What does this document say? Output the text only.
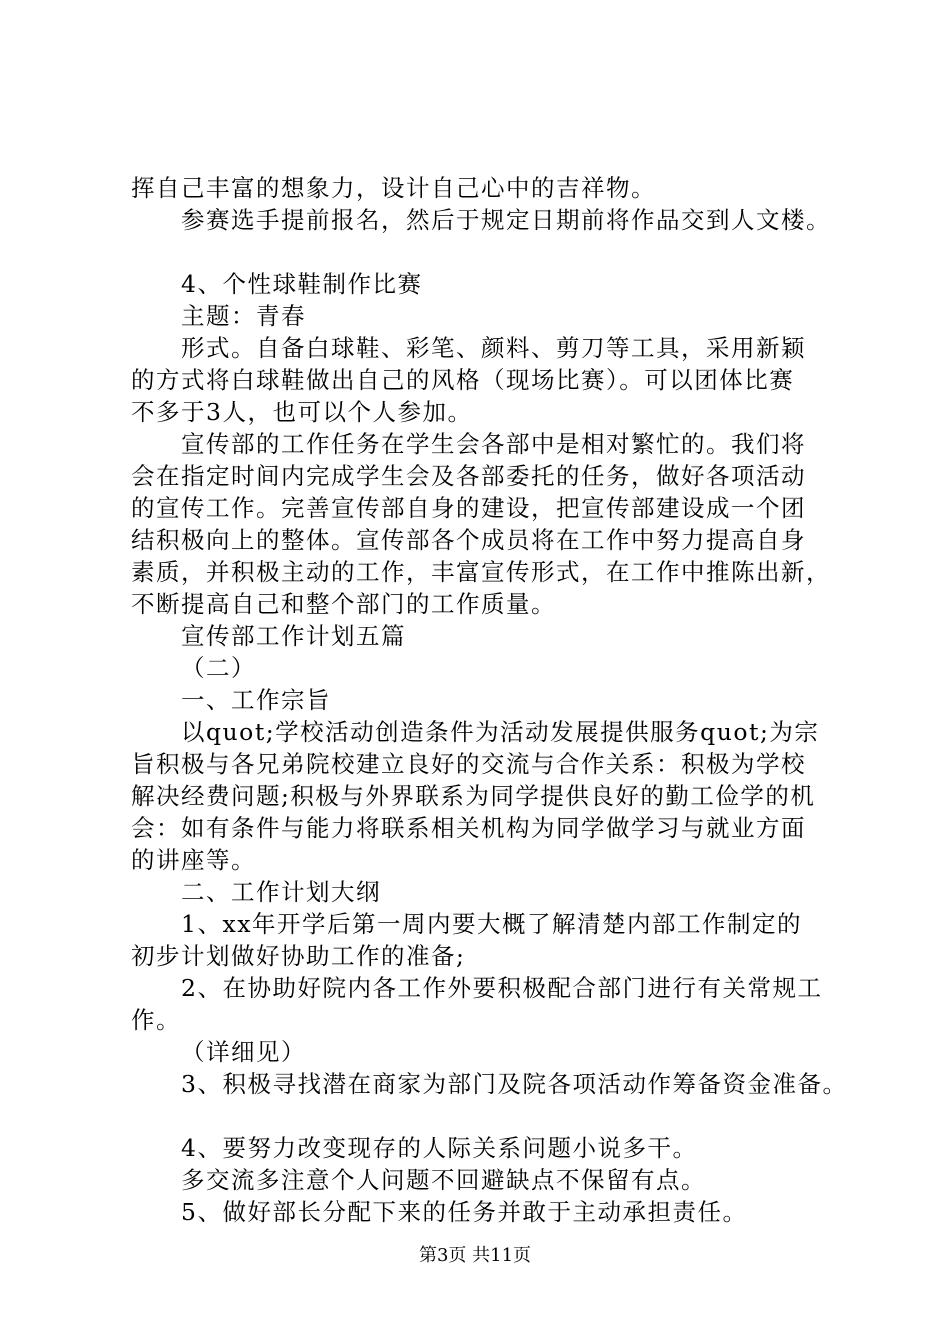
挥自己丰富的想象力，设计自己心中的吉祥物。
参赛选手提前报名，然后于规定日期前将作品交到人文楼。
4、个性球鞋制作比赛
主题：青春
形式。自备白球鞋、彩笔、颜料、剪刀等工具，采用新颖
的方式将白球鞋做出自己的风格（现场比赛）。可以团体比赛
不多于3人，也可以个人参加。
宣传部的工作任务在学生会各部中是相对繁忙的。我们将
会在指定时间内完成学生会及各部委托的任务，做好各项活动
的宣传工作。完善宣传部自身的建设，把宣传部建设成一个团
结积极向上的整体。宣传部各个成员将在工作中努力提高自身
素质，并积极主动的工作，丰富宣传形式，在工作中推陈出新，
不断提高自己和整个部门的工作质量。
宣传部工作计划五篇
（二）
一、工作宗旨
以quot;学校活动创造条件为活动发展提供服务quot;为宗
旨积极与各兄弟院校建立良好的交流与合作关系：积极为学校
解决经费问题;积极与外界联系为同学提供良好的勤工俭学的机
会：如有条件与能力将联系相关机构为同学做学习与就业方面
的讲座等。
二、工作计划大纲
1、xx年开学后第一周内要大概了解清楚内部工作制定的
初步计划做好协助工作的准备;
2、在协助好院内各工作外要积极配合部门进行有关常规工
作。
（详细见）
3、积极寻找潜在商家为部门及院各项活动作筹备资金准备。
4、要努力改变现存的人际关系问题小说多干。
多交流多注意个人问题不回避缺点不保留有点。
5、做好部长分配下来的任务并敢于主动承担责任。
第3页 共11页
